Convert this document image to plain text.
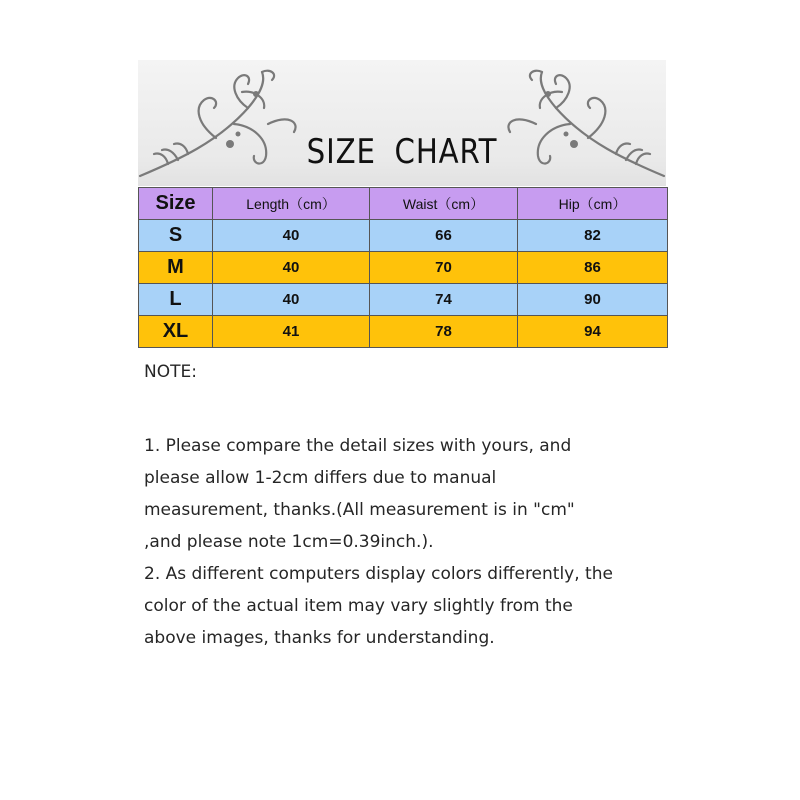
SIZE CHART
Size	Length（cm）	Waist（cm）	Hip（cm）
S	40	66	82
M	40	70	86
L	40	74	90
XL	41	78	94

NOTE:

1. Please compare the detail sizes with yours, and

please allow 1-2cm differs due to manual

measurement, thanks.(All measurement is in "cm"

,and please note 1cm=0.39inch.).

2. As different computers display colors differently, the

color of the actual item may vary slightly from the

above images, thanks for understanding.
